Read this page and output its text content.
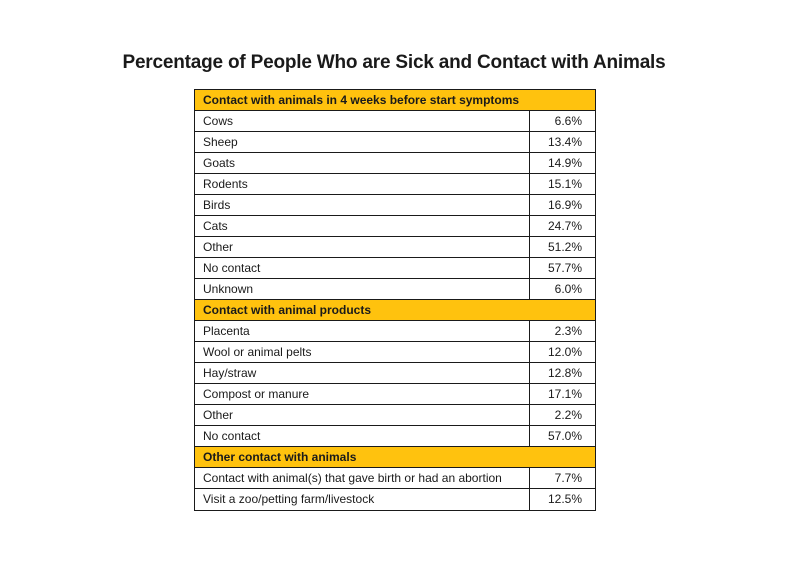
Percentage of People Who are Sick and Contact with Animals
Contact with animals in 4 weeks before start symptoms
Cows	6.6%
Sheep	13.4%
Goats	14.9%
Rodents	15.1%
Birds	16.9%
Cats	24.7%
Other	51.2%
No contact	57.7%
Unknown	6.0%
Contact with animal products
Placenta	2.3%
Wool or animal pelts	12.0%
Hay/straw	12.8%
Compost or manure	17.1%
Other	2.2%
No contact	57.0%
Other contact with animals
Contact with animal(s) that gave birth or had an abortion	7.7%
Visit a zoo/petting farm/livestock	12.5%
